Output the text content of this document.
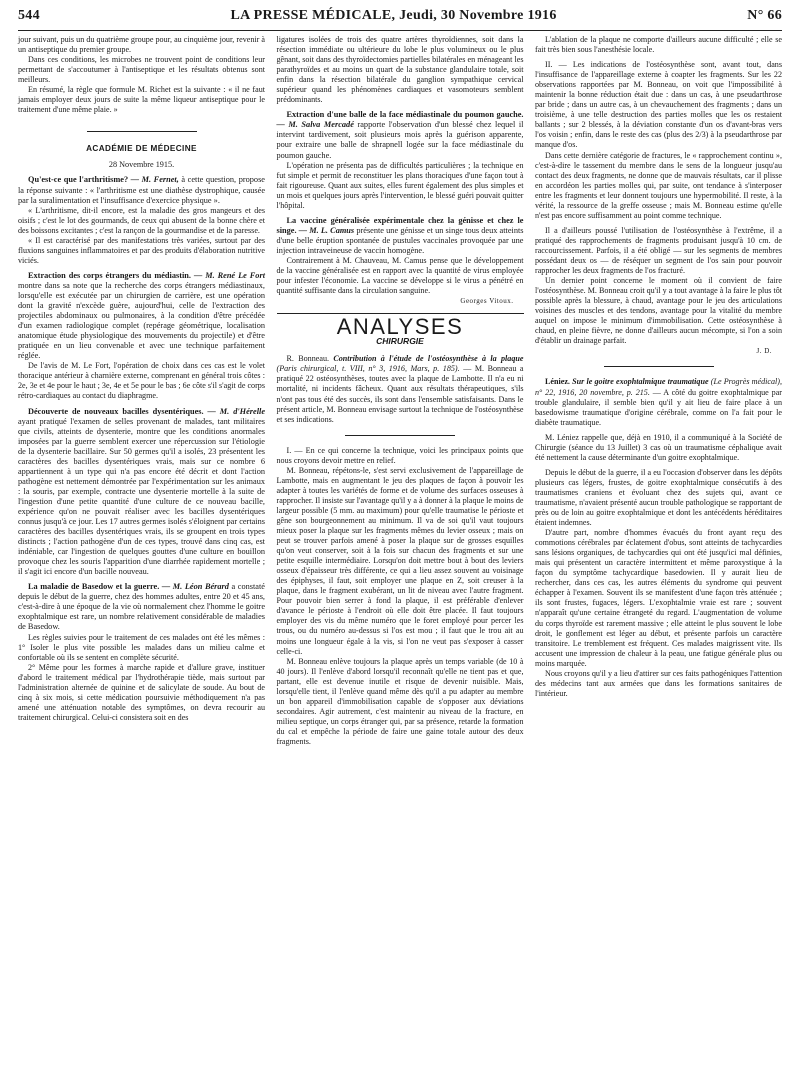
544	LA PRESSE MÉDICALE, Jeudi, 30 Novembre 1916	N° 66

jour suivant, puis un du quatrième groupe pour, au cinquième jour, revenir à un antiseptique du premier groupe.

Dans ces conditions, les microbes ne trouvent point de conditions leur permettant de s'accoutumer à l'antiseptique et les résultats obtenus sont meilleurs.

En résumé, la règle que formule M. Richet est la suivante : « il ne faut jamais employer deux jours de suite la même liqueur antiseptique pour le traitement d'une même plaie. »

ACADÉMIE DE MÉDECINE
28 Novembre 1915.

Qu'est-ce que l'arthritisme? — M. Fernet, à cette question, propose la réponse suivante : « l'arthritisme est une diathèse dystrophique, causée par la suralimentation et l'insuffisance d'exercice physique ».

« L'arthritisme, dit-il encore, est la maladie des gros mangeurs et des oisifs ; c'est le lot des gourmands, de ceux qui abusent de la bonne chère et des boissons excitantes ; c'est la rançon de la gourmandise et de la paresse.

« Il est caractérisé par des manifestations très variées, surtout par des fluxions sanguines inflammatoires et par des produits d'élaboration nutritive viciés.

Extraction des corps étrangers du médiastin. — M. René Le Fort montre dans sa note que la recherche des corps étrangers médiastinaux, lorsqu'elle est exécutée par un chirurgien de carrière, est une opération dont la gravité n'excède guère, aujourd'hui, celle de l'extraction des projectiles abdominaux ou pulmonaires, à la condition d'être précédée d'un examen radiologique complet (repérage géométrique, localisation anatomique étude physiologique des mouvements du projectile) et d'être pratiquée en un lieu convenable et avec une technique parfaitement réglée.

De l'avis de M. Le Fort, l'opération de choix dans ces cas est le volet thoracique antérieur à charnière externe, comprenant en général trois côtes : 2e, 3e et 4e pour le haut ; 3e, 4e et 5e pour le bas ; 6e côte s'il s'agit de corps rétro-cardiaques au contact du diaphragme.

Découverte de nouveaux bacilles dysentériques. — M. d'Hérelle ayant pratiqué l'examen de selles provenant de malades, tant militaires que civils, atteints de dysenterie, montre que les conditions anormales imposées par la guerre semblent exercer une répercussion sur l'étiologie de la dysenterie bacillaire. Sur 50 germes qu'il a isolés, 23 présentent les caractères des bacilles dysentériques vrais, mais sur ce nombre 6 appartiennent à un type qui n'a pas encore été décrit et dont l'action pathogène est nettement démontrée par l'expérimentation sur les animaux : la souris, par exemple, contracte une dysenterie mortelle à la suite de l'ingestion d'une petite quantité d'une culture de ce nouveau bacille, expérience qu'on ne pouvait réaliser avec les bacilles dysentériques connus jusqu'à ce jour. Les 17 autres germes isolés s'éloignent par certains caractères des bacilles dysentériques vrais, ils se groupent en trois types distincts ; l'action pathogène d'un de ces types, trouvé dans cinq cas, est indéniable, car l'ingestion de quelques gouttes d'une culture en bouillon provoque chez les souris l'apparition d'une diarrhée rapidement mortelle ; il s'agit ici encore d'un bacille nouveau.

La maladie de Basedow et la guerre. — M. Léon Bérard a constaté depuis le début de la guerre, chez des hommes adultes, entre 20 et 45 ans, c'est-à-dire à une époque de la vie où normalement chez l'homme le goitre exophtalmique est rare, un nombre relativement considérable de maladies de Basedow.

Les règles suivies pour le traitement de ces malades ont été les mêmes : 1° Isoler le plus vite possible les malades dans un milieu calme et confortable où ils se sentent en complète sécurité.

2° Même pour les formes à marche rapide et d'allure grave, instituer d'abord le traitement médical par l'hydrothérapie tiède, mais surtout par l'administration alternée de quinine et de salicylate de soude. Au bout de cinq à six mois, si cette médication poursuivie méthodiquement n'a pas amené une atténuation notable des symptômes, on devra recourir au traitement chirurgical. Celui-ci consistera soit en des

ligatures isolées de trois des quatre artères thyroïdiennes, soit dans la résection immédiate ou ultérieure du lobe le plus volumineux ou le plus gênant, soit dans des thyroïdectomies partielles bilatérales en ménageant les parathyroïdes et au moins un quart de la substance glandulaire totale, soit enfin dans la résection bilatérale du ganglion sympathique cervical supérieur quand les phénomènes cardiaques et vasomoteurs semblent prédominants.

Extraction d'une balle de la face médiastinale du poumon gauche. — M. Salva Mercadé rapporte l'observation d'un blessé chez lequel il intervint tardivement, soit plusieurs mois après la guérison apparente, pour extraire une balle de shrapnell logée sur la face médiastinale du poumon gauche.

L'opération ne présenta pas de difficultés particulières ; la technique en fut simple et permit de reconstituer les plans thoraciques d'une façon tout à fait rigoureuse. Quant aux suites, elles furent également des plus simples et un mois et quelques jours après l'intervention, le blessé guéri pouvait quitter l'hôpital.

La vaccine généralisée expérimentale chez la génisse et chez le singe. — M. L. Camus présente une génisse et un singe tous deux atteints d'une belle éruption spontanée de pustules vaccinales provoquée par une injection intraveineuse de vaccin homogène.

Contrairement à M. Chauveau, M. Camus pense que le développement de la vaccine généralisée est en rapport avec la quantité de virus employée pour infester l'économie. La vaccine se développe si le virus a pénétré en quantité suffisante dans la circulation sanguine.

Georges Vitoux.
ANALYSES
CHIRURGIE

R. Bonneau. Contribution à l'étude de l'ostéosynthèse à la plaque (Paris chirurgical, t. VIII, n° 3, 1916, Mars, p. 185). — M. Bonneau a pratiqué 22 ostéosynthèses, toutes avec la plaque de Lambotte. Il n'a eu ni mortalité, ni incidents fâcheux. Quant aux résultats thérapeutiques, s'ils n'ont pas tous été des succès, ils sont dans l'ensemble satisfaisants. Dans le présent article, M. Bonneau envisage surtout la technique de l'ostéosynthèse et ses indications.

I. — En ce qui concerne la technique, voici les principaux points que nous croyons devoir mettre en relief.

M. Bonneau, répétons-le, s'est servi exclusivement de l'appareillage de Lambotte, mais en augmentant le jeu des plaques de façon à pouvoir les adapter à toutes les variétés de forme et de volume des surfaces osseuses à rapprocher. Il insiste sur l'avantage qu'il y a à donner à la plaque le moins de largeur possible (5 mm. au maximum) pour qu'elle traumatise le périoste et gêne son bourgeonnement au minimum. Il va de soi qu'il vaut toujours mieux poser la plaque sur les fragments mêmes du levier osseux ; mais on peut se trouver parfois amené à poser la plaque sur de grosses esquilles qu'on veut conserver, soit à la fois sur chacun des fragments et sur une petite esquille intermédiaire. Lorsqu'on doit mettre bout à bout des leviers osseux d'épaisseur très différente, ce qui a lieu assez souvent au voisinage des épiphyses, il faut, soit employer une plaque en Z, soit creuser à la plaque, dans le fragment exubérant, un lit de niveau avec l'autre fragment. Pour pouvoir bien serrer à fond la plaque, il est préférable d'enlever d'avance le périoste à l'endroit où elle doit être placée. Il faut toujours employer des vis du même numéro que le foret employé pour percer les trous, ou du numéro au-dessus si l'os est mou ; il faut que le trou ait au moins une longueur égale à la vis, si l'on ne veut pas s'exposer à casser celle-ci.

M. Bonneau enlève toujours la plaque après un temps variable (de 10 à 40 jours). Il l'enlève d'abord lorsqu'il reconnaît qu'elle ne tient pas et que, partant, elle est devenue inutile et risque de devenir nuisible. Mais, lorsqu'elle tient, il l'enlève quand même dès qu'il a pu adapter au membre un bon appareil d'immobilisation capable de s'opposer aux déviations secondaires. Agir autrement, c'est maintenir au niveau de la fracture, en milieu septique, un corps étranger qui, par sa présence, retarde la formation du cal et empêche la période de faire une gaine totale autour des deux fragments.

L'ablation de la plaque ne comporte d'ailleurs aucune difficulté ; elle se fait très bien sous l'anesthésie locale.

II. — Les indications de l'ostéosynthèse sont, avant tout, dans l'insuffisance de l'appareillage externe à coapter les fragments. Sur les 22 observations rapportées par M. Bonneau, on voit que l'impossibilité à maintenir la bonne réduction était due : dans un cas, à une pseudarthrose par bride ; dans un autre cas, à un chevauchement des fragments ; dans un troisième, à une telle destruction des parties molles que les os restaient ballants ; sur 2 blessés, à la déviation constante d'un os d'avant-bras vers l'os voisin ; enfin, dans le reste des cas (plus des 2/3) à la pseudarthrose par manque d'os.

Dans cette dernière catégorie de fractures, le « rapprochement continu », c'est-à-dire le tassement du membre dans le sens de la longueur jusqu'au contact des deux fragments, ne donne que de mauvais résultats, car il plisse en accordéon les parties molles qui, par suite, ont tendance à s'interposer entre les fragments et leur donnent toujours une hypermobilité. Il reste, à la vérité, la ressource de la greffe osseuse ; mais M. Bonneau estime qu'elle n'est pas encore suffisamment au point comme technique.

Il a d'ailleurs poussé l'utilisation de l'ostéosynthèse à l'extrême, il a pratiqué des rapprochements de fragments produisant jusqu'à 10 cm. de raccourcissement. Parfois, il a été obligé — sur les segments de membres possédant deux os — de réséquer un segment de l'os sain pour pouvoir rapprocher les deux fragments de l'os fracturé.

Un dernier point concerne le moment où il convient de faire l'ostéosynthèse. M. Bonneau croit qu'il y a tout avantage à la faire le plus tôt possible après la blessure, à chaud, avantage pour le jeu des articulations voisines des muscles et des tendons, avantage pour la vitalité du membre auquel on impose le minimum d'immobilisation. Cette ostéosynthèse à chaud, en pleine fièvre, ne donne d'ailleurs aucun mécompte, si l'on a soin d'établir un drainage parfait.

J. D.

Léniez. Sur le goitre exophtalmique traumatique (Le Progrès médical), n° 22, 1916, 20 novembre, p. 215. — A côté du goitre exophtalmique par trouble glandulaire, il semble bien qu'il y ait lieu de faire place à un basedowisme traumatique d'origine cérébrale, comme on l'a fait pour le diabète traumatique.

M. Léniez rappelle que, déjà en 1910, il a communiqué à la Société de Chirurgie (séance du 13 Juillet) 3 cas où un traumatisme céphalique avait été nettement la cause déterminante d'un goitre exophtalmique.

Depuis le début de la guerre, il a eu l'occasion d'observer dans les dépôts plusieurs cas légers, frustes, de goitre exophtalmique consécutifs à des traumatismes craniens et évoluant chez des sujets qui, avant ce traumatisme, n'avaient présenté aucun trouble pathologique se rapportant de près ou de loin au goitre exophtalmique et dont les antécédents héréditaires étaient indemnes.

D'autre part, nombre d'hommes évacués du front ayant reçu des commotions cérébrales par éclatement d'obus, sont atteints de tachycardies sans lésions organiques, de tachycardies qui ont été jusqu'ici mal définies, mais qui présentent un caractère intermittent et même paroxystique à la façon du symptôme tachycardique basedowien. Il y aurait lieu de rechercher, dans ces cas, les autres éléments du syndrome qui peuvent échapper à l'examen. Souvent ils se manifestent d'une façon très atténuée ; ils sont frustes, fugaces, légers. L'exophtalmie vraie est rare ; souvent n'apparaît qu'une certaine étrangeté du regard. L'augmentation de volume du corps thyroïde est rarement massive ; elle atteint le plus souvent le lobe droit, le gonflement est léger au début, et présente parfois un caractère transitoire. Le tremblement est fréquent. Ces malades maigrissent vite. Ils accusent une impression de chaleur à la peau, une fatigue générale plus ou moins marquée.

Nous croyons qu'il y a lieu d'attirer sur ces faits pathogéniques l'attention des médecins tant aux armées que dans les formations sanitaires de l'intérieur.
